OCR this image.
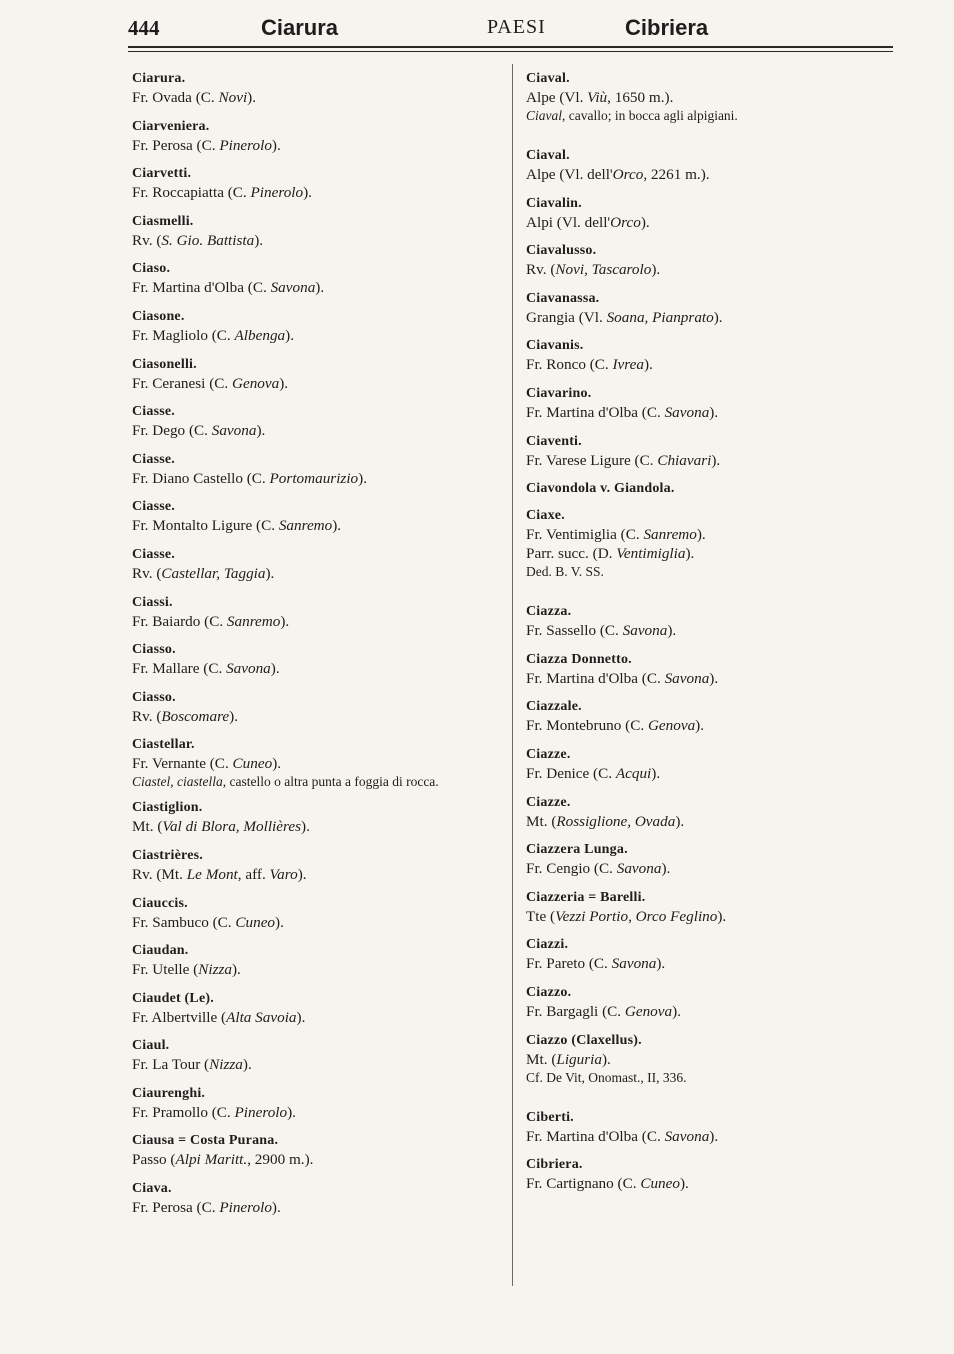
444	Ciarura	PAESI	Cibriera
Ciarura.
Fr. Ovada (C. Novi).
Ciarveniera.
Fr. Perosa (C. Pinerolo).
Ciarvetti.
Fr. Roccapiatta (C. Pinerolo).
Ciasmelli.
Rv. (S. Gio. Battista).
Ciaso.
Fr. Martina d'Olba (C. Savona).
Ciasone.
Fr. Magliolo (C. Albenga).
Ciasonelli.
Fr. Ceranesi (C. Genova).
Ciasse.
Fr. Dego (C. Savona).
Ciasse.
Fr. Diano Castello (C. Portomaurizio).
Ciasse.
Fr. Montalto Ligure (C. Sanremo).
Ciasse.
Rv. (Castellar, Taggia).
Ciassi.
Fr. Baiardo (C. Sanremo).
Ciasso.
Fr. Mallare (C. Savona).
Ciasso.
Rv. (Boscomare).
Ciastellar.
Fr. Vernante (C. Cuneo).
Ciastel, ciastella, castello o altra punta a foggia di rocca.
Ciastiglion.
Mt. (Val di Blora, Mollières).
Ciastrières.
Rv. (Mt. Le Mont, aff. Varo).
Ciauccis.
Fr. Sambuco (C. Cuneo).
Ciaudan.
Fr. Utelle (Nizza).
Ciaudet (Le).
Fr. Albertville (Alta Savoia).
Ciaul.
Fr. La Tour (Nizza).
Ciaurenghi.
Fr. Pramollo (C. Pinerolo).
Ciausa = Costa Purana.
Passo (Alpi Maritt., 2900 m.).
Ciava.
Fr. Perosa (C. Pinerolo).
Ciaval.
Alpe (Vl. Viù, 1650 m.).
Ciaval, cavallo; in bocca agli alpigiani.
Ciaval.
Alpe (Vl. dell'Orco, 2261 m.).
Ciavalin.
Alpi (Vl. dell'Orco).
Ciavalusso.
Rv. (Novi, Tascarolo).
Ciavanassa.
Grangia (Vl. Soana, Pianprato).
Ciavanis.
Fr. Ronco (C. Ivrea).
Ciavarino.
Fr. Martina d'Olba (C. Savona).
Ciaventi.
Fr. Varese Ligure (C. Chiavari).
Ciavondola v. Giandola.
Ciaxe.
Fr. Ventimiglia (C. Sanremo).
Parr. succ. (D. Ventimiglia).
Ded. B. V. SS.
Ciazza.
Fr. Sassello (C. Savona).
Ciazza Donnetto.
Fr. Martina d'Olba (C. Savona).
Ciazzale.
Fr. Montebruno (C. Genova).
Ciazze.
Fr. Denice (C. Acqui).
Ciazze.
Mt. (Rossiglione, Ovada).
Ciazzera Lunga.
Fr. Cengio (C. Savona).
Ciazzeria = Barelli.
Tte (Vezzi Portio, Orco Feglino).
Ciazzi.
Fr. Pareto (C. Savona).
Ciazzo.
Fr. Bargagli (C. Genova).
Ciazzo (Claxellus).
Mt. (Liguria).
Cf. De Vit, Onomast., II, 336.
Ciberti.
Fr. Martina d'Olba (C. Savona).
Cibriera.
Fr. Cartignano (C. Cuneo).
